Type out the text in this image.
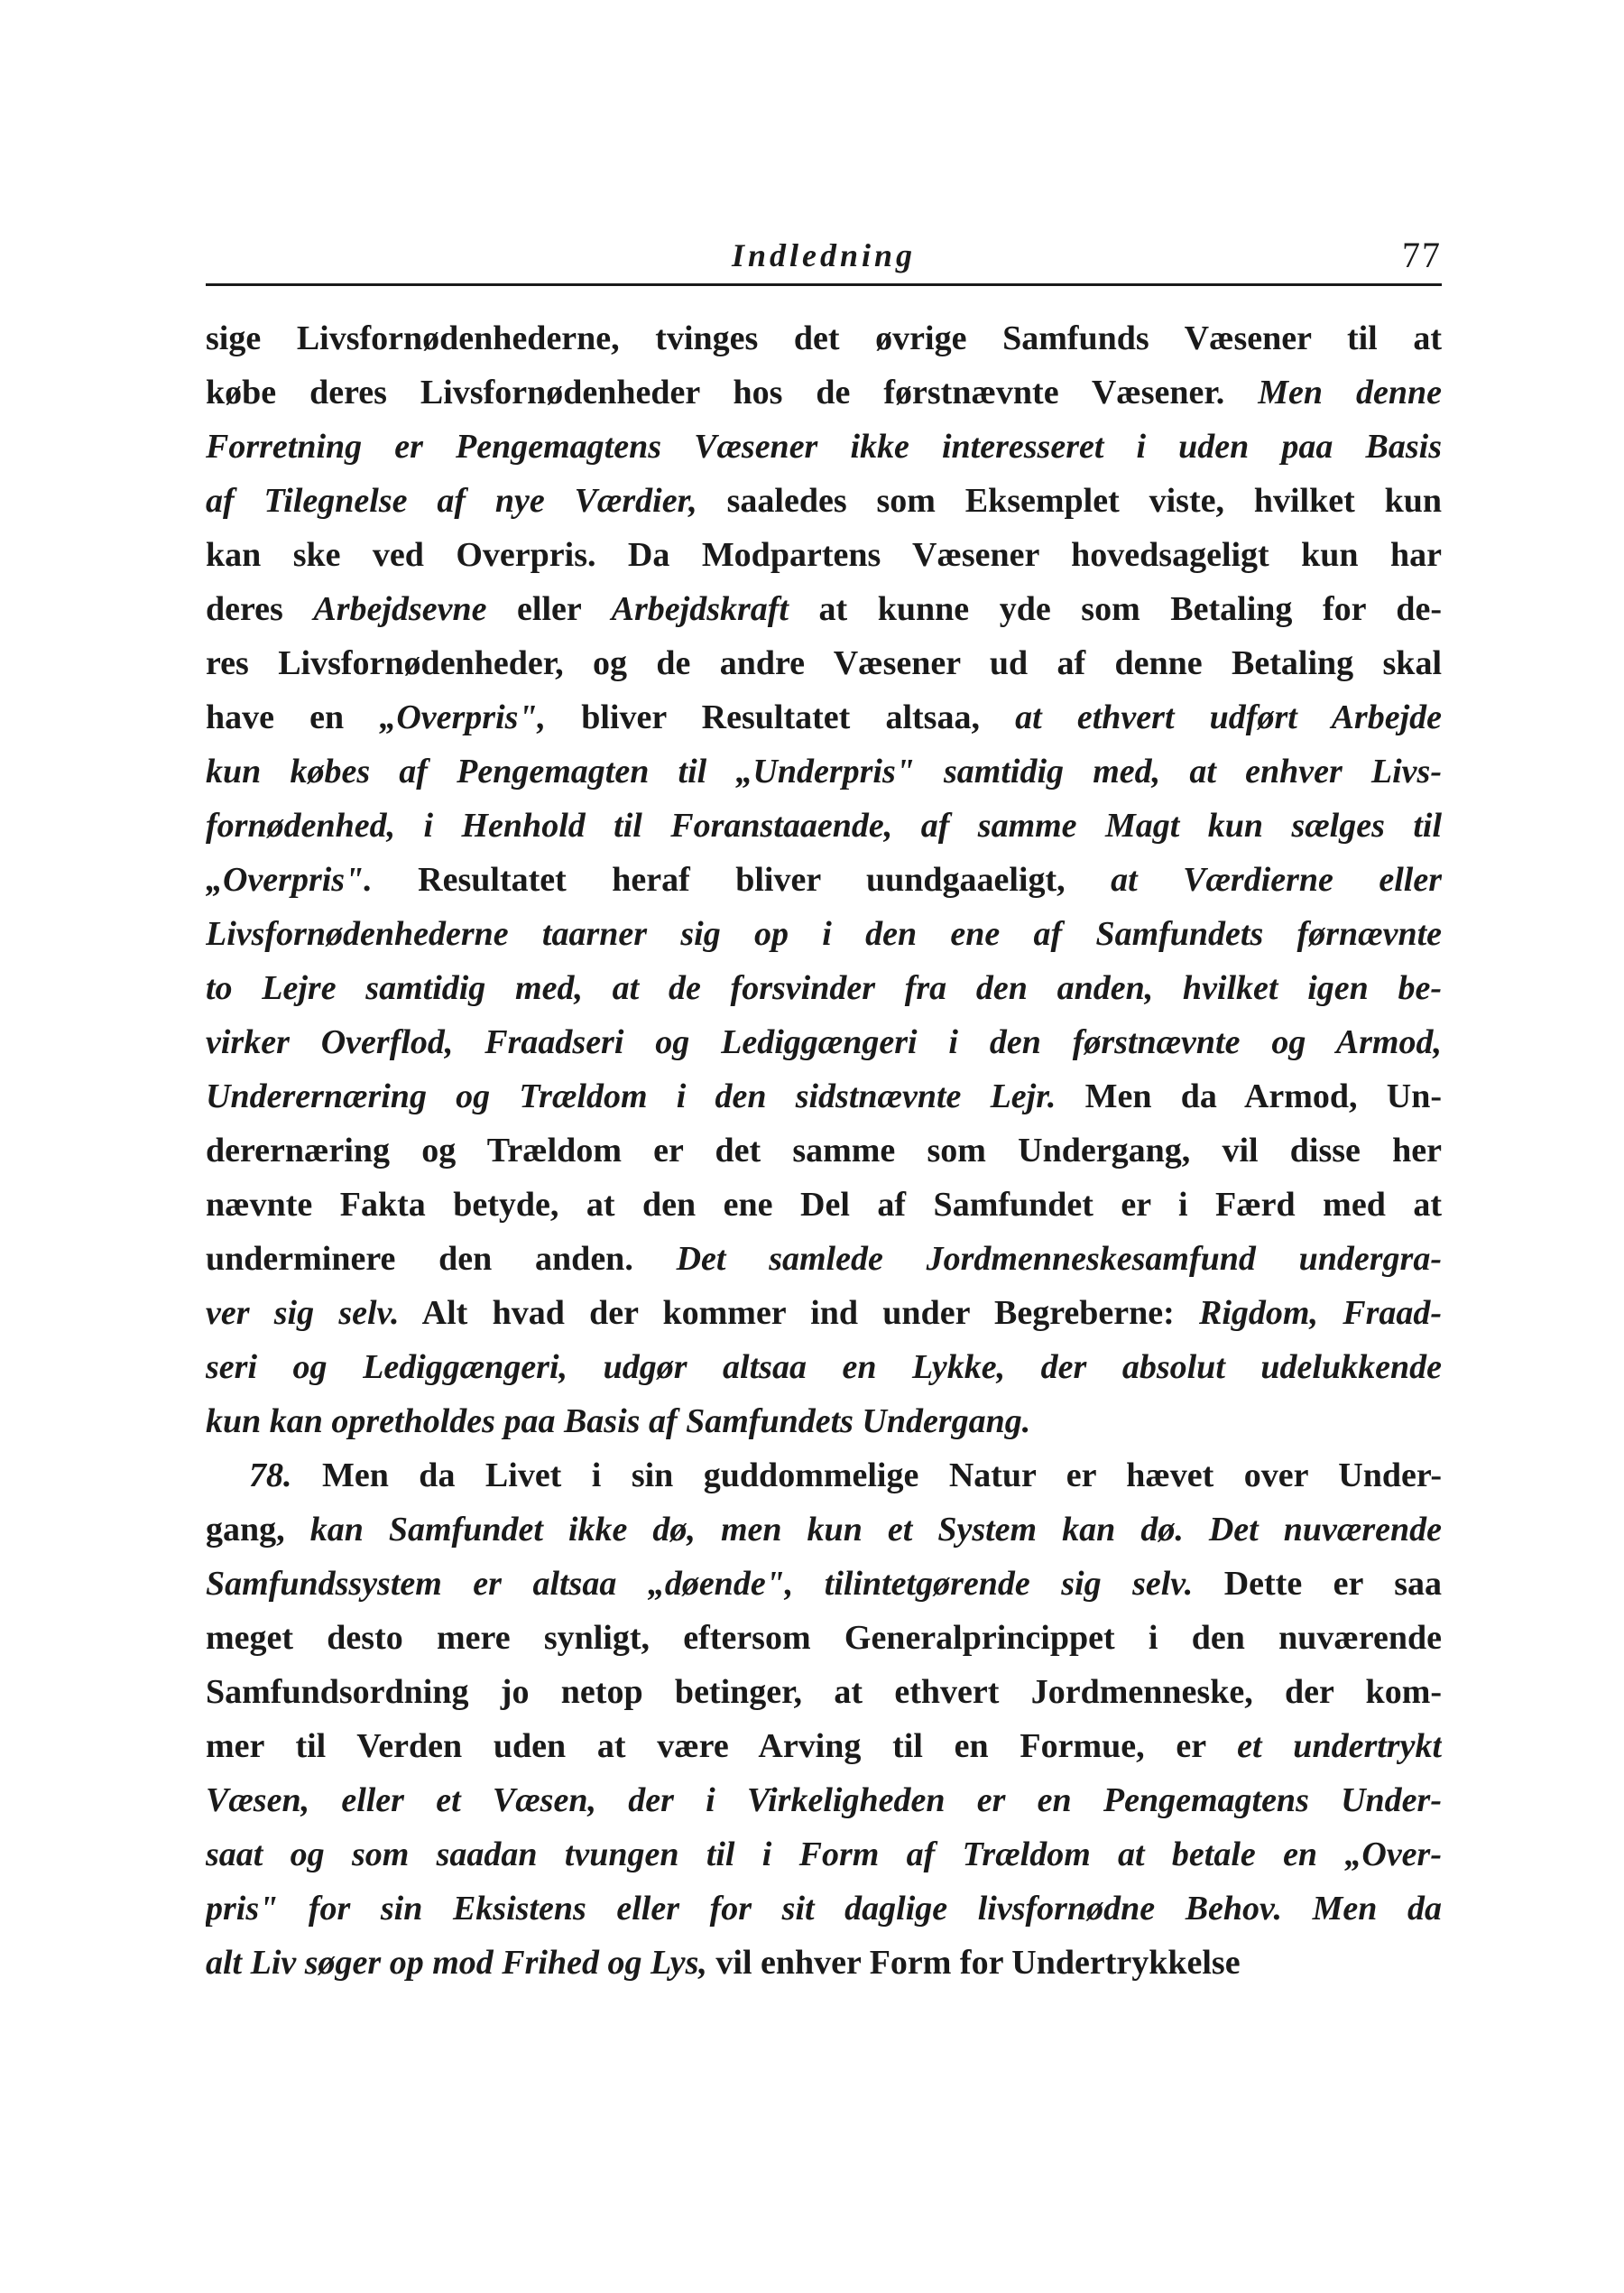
Indledning	77
sige Livsfornødenhederne, tvinges det øvrige Samfunds Væsener til at
købe deres Livsfornødenheder hos de førstnævnte Væsener. Men denne
Forretning er Pengemagtens Væsener ikke interesseret i uden paa Basis
af Tilegnelse af nye Værdier, saaledes som Eksemplet viste, hvilket kun
kan ske ved Overpris. Da Modpartens Væsener hovedsageligt kun har
deres Arbejdsevne eller Arbejdskraft at kunne yde som Betaling for de-
res Livsfornødenheder, og de andre Væsener ud af denne Betaling skal
have en „Overpris", bliver Resultatet altsaa, at ethvert udført Arbejde
kun købes af Pengemagten til „Underpris" samtidig med, at enhver Livs-
fornødenhed, i Henhold til Foranstaaende, af samme Magt kun sælges til
„Overpris". Resultatet heraf bliver uundgaaeligt, at Værdierne eller
Livsfornødenhederne taarner sig op i den ene af Samfundets førnævnte
to Lejre samtidig med, at de forsvinder fra den anden, hvilket igen be-
virker Overflod, Fraadseri og Lediggængeri i den førstnævnte og Armod,
Underernæring og Trældom i den sidstnævnte Lejr. Men da Armod, Un-
derernæring og Trældom er det samme som Undergang, vil disse her
nævnte Fakta betyde, at den ene Del af Samfundet er i Færd med at
underminere den anden. Det samlede Jordmenneskesamfund undergra-
ver sig selv. Alt hvad der kommer ind under Begreberne: Rigdom, Fraad-
seri og Lediggængeri, udgør altsaa en Lykke, der absolut udelukkende
kun kan opretholdes paa Basis af Samfundets Undergang.
78. Men da Livet i sin guddommelige Natur er hævet over Under-
gang, kan Samfundet ikke dø, men kun et System kan dø. Det nuværende
Samfundssystem er altsaa „døende", tilintetgørende sig selv. Dette er saa
meget desto mere synligt, eftersom Generalprincippet i den nuværende
Samfundsordning jo netop betinger, at ethvert Jordmenneske, der kom-
mer til Verden uden at være Arving til en Formue, er et undertrykt
Væsen, eller et Væsen, der i Virkeligheden er en Pengemagtens Under-
saat og som saadan tvungen til i Form af Trældom at betale en „Over-
pris" for sin Eksistens eller for sit daglige livsfornødne Behov. Men da
alt Liv søger op mod Frihed og Lys, vil enhver Form for Undertrykkelse
